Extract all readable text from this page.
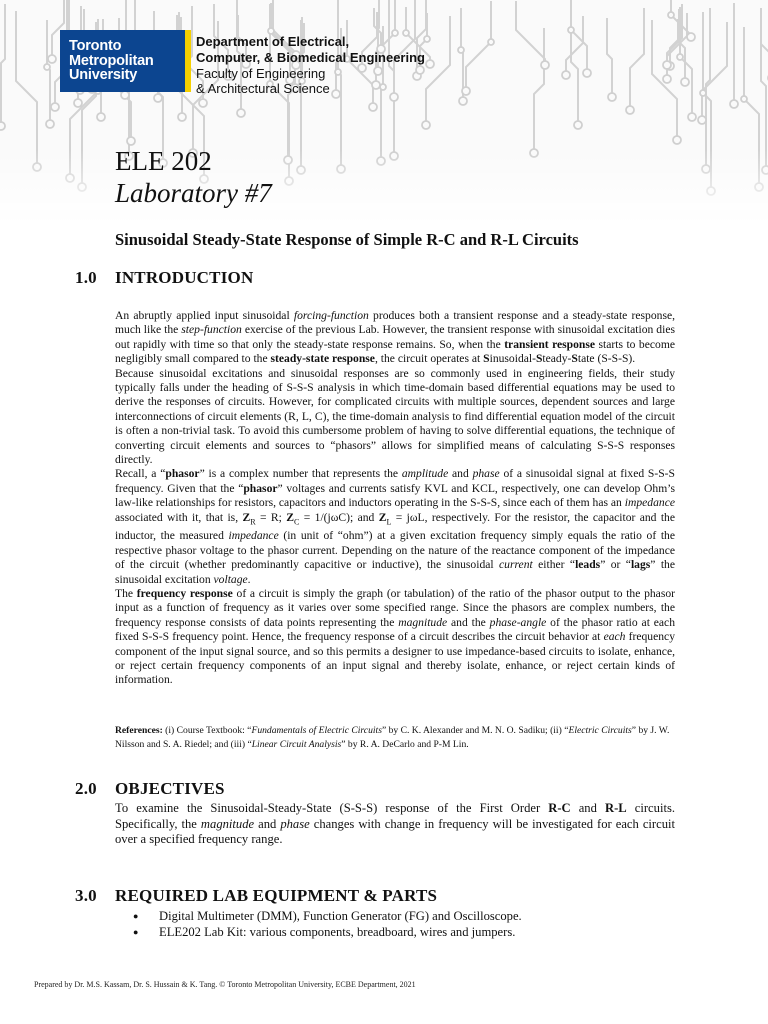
Toronto
Metropolitan
University
Department of Electrical,
Computer, & Biomedical Engineering
Faculty of Engineering
& Architectural Science
ELE 202
Laboratory #7
Sinusoidal Steady-State Response of Simple R-C and R-L Circuits
1.0 INTRODUCTION

An abruptly applied input sinusoidal forcing-function produces both a transient response and a steady-state response, much like the step-function exercise of the previous Lab. However, the transient response with sinusoidal excitation dies out rapidly with time so that only the steady-state response remains. So, when the transient response starts to become negligibly small compared to the steady-state response, the circuit operates at Sinusoidal-Steady-State (S-S-S).

Because sinusoidal excitations and sinusoidal responses are so commonly used in engineering fields, their study typically falls under the heading of S-S-S analysis in which time-domain based differential equations may be used to derive the responses of circuits. However, for complicated circuits with multiple sources, dependent sources and large interconnections of circuit elements (R, L, C), the time-domain analysis to find differential equation model of the circuit is often a non-trivial task. To avoid this cumbersome problem of having to solve differential equations, the technique of converting circuit elements and sources to “phasors” allows for simplified means of calculating S-S-S responses directly.

Recall, a “phasor” is a complex number that represents the amplitude and phase of a sinusoidal signal at fixed S-S-S frequency. Given that the “phasor” voltages and currents satisfy KVL and KCL, respectively, one can develop Ohm’s law-like relationships for resistors, capacitors and inductors operating in the S-S-S, since each of them has an impedance associated with it, that is, $Z_R = R$; $Z_C = 1/(j\omega C)$; and $Z_L = j\omega L$, respectively. For the resistor, the capacitor and the inductor, the measured impedance (in unit of “ohm”) at a given excitation frequency simply equals the ratio of the respective phasor voltage to the phasor current. Depending on the nature of the reactance component of the impedance of the circuit (whether predominantly capacitive or inductive), the sinusoidal current either “leads” or “lags” the sinusoidal excitation voltage.

The frequency response of a circuit is simply the graph (or tabulation) of the ratio of the phasor output to the phasor input as a function of frequency as it varies over some specified range. Since the phasors are complex numbers, the frequency response consists of data points representing the magnitude and the phase-angle of the phasor ratio at each fixed S-S-S frequency point. Hence, the frequency response of a circuit describes the circuit behavior at each frequency component of the input signal source, and so this permits a designer to use impedance-based circuits to isolate, enhance, or reject certain frequency components of an input signal and thereby isolate, enhance, or reject certain kinds of information.

References: (i) Course Textbook: “Fundamentals of Electric Circuits” by C. K. Alexander and M. N. O. Sadiku; (ii) “Electric Circuits” by J. W. Nilsson and S. A. Riedel; and (iii) “Linear Circuit Analysis” by R. A. DeCarlo and P-M Lin.

2.0 OBJECTIVES

To examine the Sinusoidal-Steady-State (S-S-S) response of the First Order R-C and R-L circuits. Specifically, the magnitude and phase changes with change in frequency will be investigated for each circuit over a specified frequency range.

3.0 REQUIRED LAB EQUIPMENT & PARTS
● Digital Multimeter (DMM), Function Generator (FG) and Oscilloscope.
● ELE202 Lab Kit: various components, breadboard, wires and jumpers.
Prepared by Dr. M.S. Kassam, Dr. S. Hussain & K. Tang. © Toronto Metropolitan University, ECBE Department, 2021
